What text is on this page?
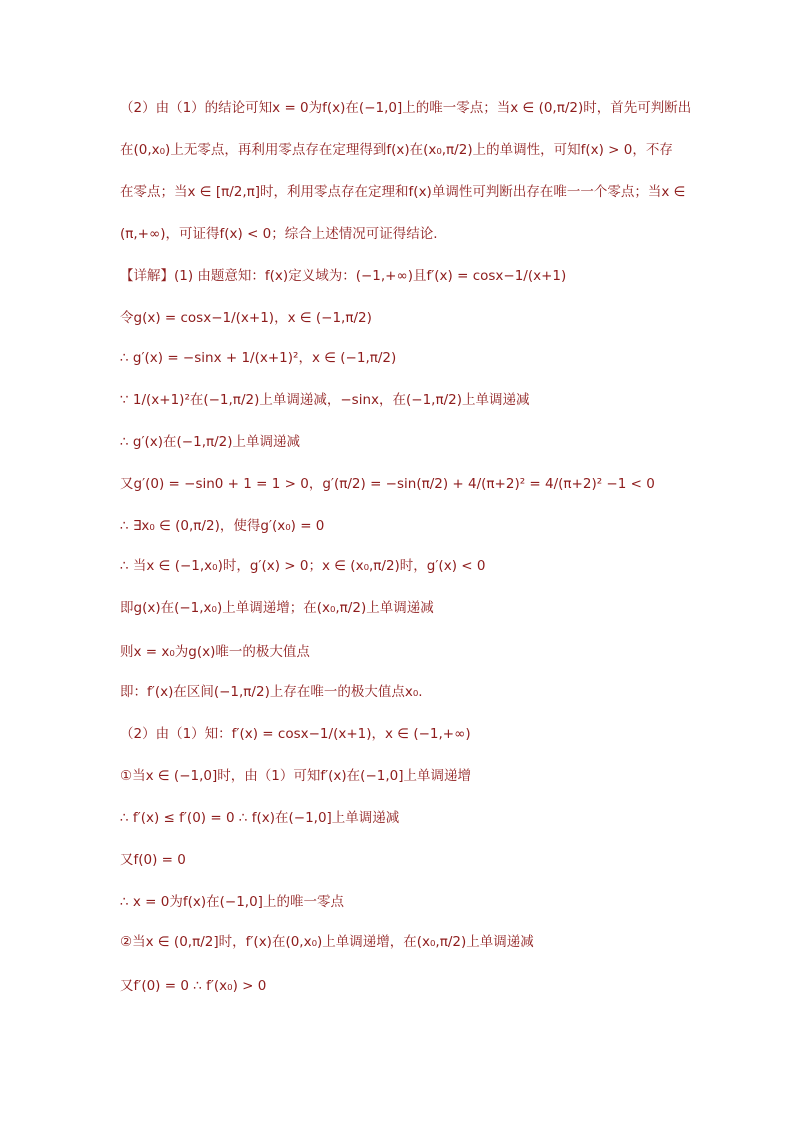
（2）由（1）的结论可知x = 0为f(x)在(−1,0]上的唯一零点；当x ∈ (0,π/2)时，首先可判断出
在(0,x₀)上无零点，再利用零点存在定理得到f(x)在(x₀,π/2)上的单调性，可知f(x) > 0，不存
在零点；当x ∈ [π/2,π]时，利用零点存在定理和f(x)单调性可判断出存在唯一一个零点；当x ∈
(π,+∞)，可证得f(x) < 0；综合上述情况可证得结论.
【详解】(1) 由题意知：f(x)定义域为：(−1,+∞)且f′(x) = cosx−1/(x+1)
令g(x) = cosx−1/(x+1)，x ∈ (−1,π/2)
∴ g′(x) = −sinx + 1/(x+1)²，x ∈ (−1,π/2)
∵ 1/(x+1)²在(−1,π/2)上单调递减，−sinx，在(−1,π/2)上单调递减
∴ g′(x)在(−1,π/2)上单调递减
又g′(0) = −sin0 + 1 = 1 > 0，g′(π/2) = −sin(π/2) + 4/(π+2)² = 4/(π+2)² −1 < 0
∴ ∃x₀ ∈ (0,π/2)，使得g′(x₀) = 0
∴ 当x ∈ (−1,x₀)时，g′(x) > 0；x ∈ (x₀,π/2)时，g′(x) < 0
即g(x)在(−1,x₀)上单调递增；在(x₀,π/2)上单调递减
则x = x₀为g(x)唯一的极大值点
即：f′(x)在区间(−1,π/2)上存在唯一的极大值点x₀.
（2）由（1）知：f′(x) = cosx−1/(x+1)，x ∈ (−1,+∞)
①当x ∈ (−1,0]时，由（1）可知f′(x)在(−1,0]上单调递增
∴ f′(x) ≤ f′(0) = 0 ∴ f(x)在(−1,0]上单调递减
又f(0) = 0
∴ x = 0为f(x)在(−1,0]上的唯一零点
②当x ∈ (0,π/2]时，f′(x)在(0,x₀)上单调递增，在(x₀,π/2)上单调递减
又f′(0) = 0 ∴ f′(x₀) > 0
